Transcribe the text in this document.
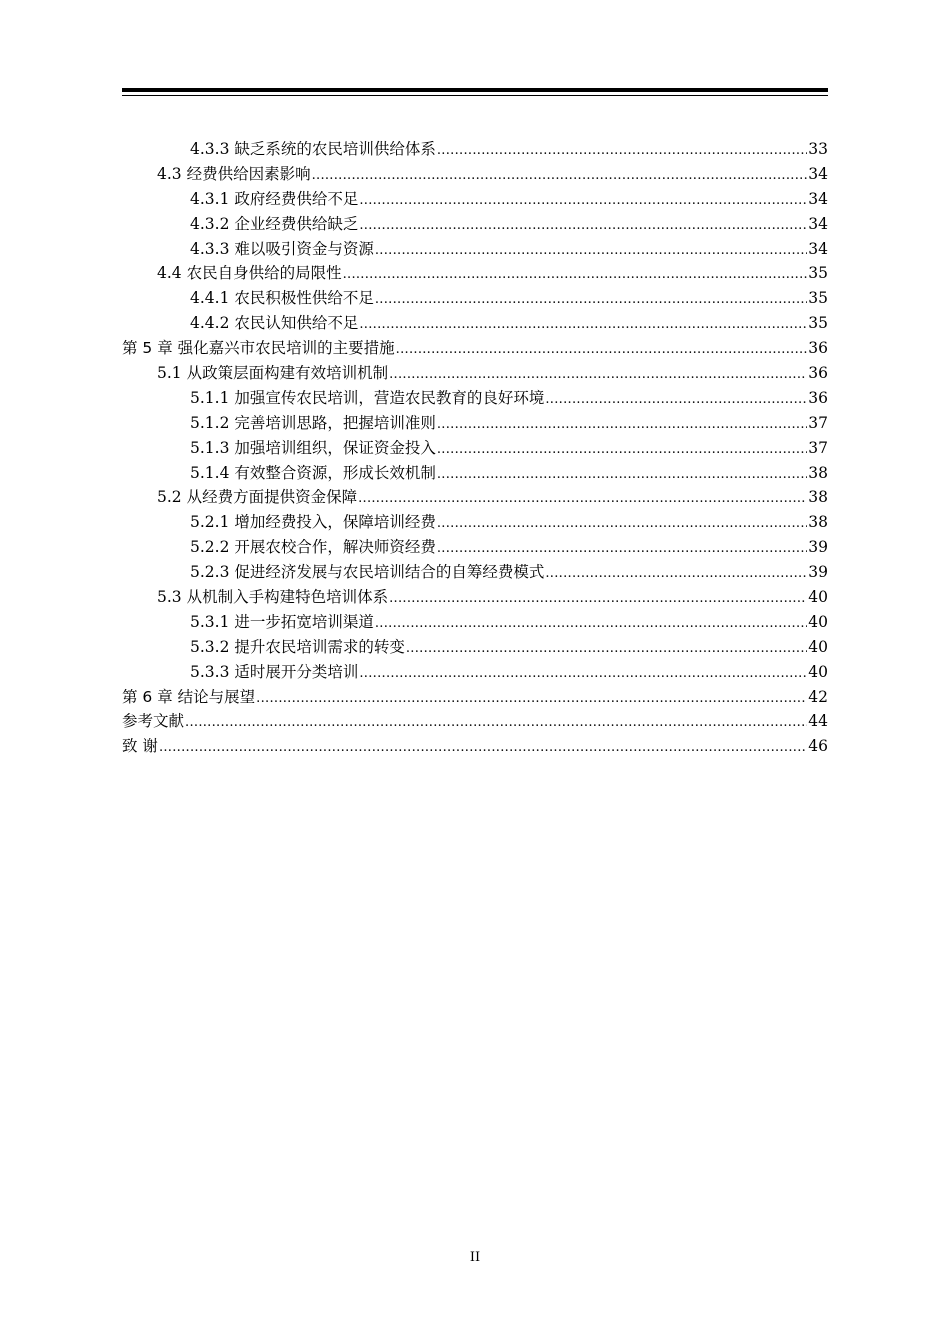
4.3.3 缺乏系统的农民培训供给体系 .....	33
4.3 经费供给因素影响 .....	34
4.3.1 政府经费供给不足 .....	34
4.3.2 企业经费供给缺乏 .....	34
4.3.3 难以吸引资金与资源 .....	34
4.4 农民自身供给的局限性 .....	35
4.4.1 农民积极性供给不足 .....	35
4.4.2 农民认知供给不足 .....	35
第 5 章 强化嘉兴市农民培训的主要措施 .....	36
5.1 从政策层面构建有效培训机制 .....	36
5.1.1 加强宣传农民培训，营造农民教育的良好环境 .....	36
5.1.2 完善培训思路，把握培训准则 .....	37
5.1.3 加强培训组织，保证资金投入 .....	37
5.1.4 有效整合资源，形成长效机制 .....	38
5.2 从经费方面提供资金保障 .....	38
5.2.1 增加经费投入，保障培训经费 .....	38
5.2.2 开展农校合作，解决师资经费 .....	39
5.2.3 促进经济发展与农民培训结合的自筹经费模式 .....	39
5.3 从机制入手构建特色培训体系 .....	40
5.3.1 进一步拓宽培训渠道 .....	40
5.3.2 提升农民培训需求的转变 .....	40
5.3.3 适时展开分类培训 .....	40
第 6 章 结论与展望 .....	42
参考文献 .....	44
致 谢 .....	46
II
